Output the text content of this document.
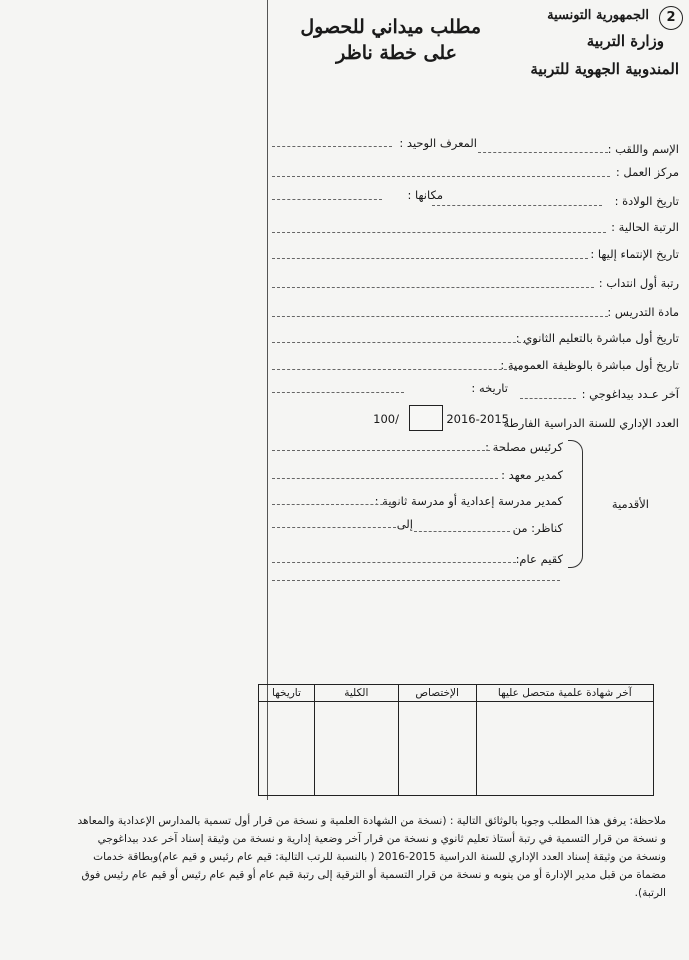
2
الجمهورية التونسية
وزارة التربية
المندوبية الجهوية للتربية
مطلب ميداني للحصول
على خطة ناظر
الإسم واللقب :
المعرف الوحيد :
مركز العمل :
تاريخ الولادة :
مكانها :
الرتبة الحالية :
تاريخ الإنتماء إليها :
رتبة أول انتداب :
مادة التدريس :
تاريخ أول مباشرة بالتعليم الثانوي :
تاريخ أول مباشرة بالوظيفة العمومية :
آخر عـدد بيداغوجي :
تاريخه :
العدد الإداري للسنة الدراسية الفارطة
2016-2015
100/
الأقدمية
كرئيس مصلحة :
كمدير معهد :
كمدير مدرسة إعدادية أو مدرسة ثانوية :
كناظر: من
إلى
كقيم عام:
آخر شهادة علمية متحصل عليها	الإختصاص	الكلية	تاريخها

ملاحظة: يرفق هذا المطلب وجوبا بالوثائق التالية : (نسخة من الشهادة العلمية و نسخة من قرار أول تسمية بالمدارس الإعدادية والمعاهد

و نسخة من قرار التسمية في رتبة أستاذ تعليم ثانوي و نسخة من قرار آخر وضعية إدارية و نسخة من وثيقة إسناد آخر عدد بيداغوجي

ونسخة من وثيقة إسناد العدد الإداري للسنة الدراسية 2015-2016 ( بالنسبة للرتب التالية: قيم عام رئيس و قيم عام)وبطاقة خدمات

مضماة من قبل مدير الإدارة أو من ينوبه و نسخة من قرار التسمية أو الترقية إلى رتبة قيم عام أو قيم عام رئيس أو قيم عام رئيس فوق

الرتبة).
